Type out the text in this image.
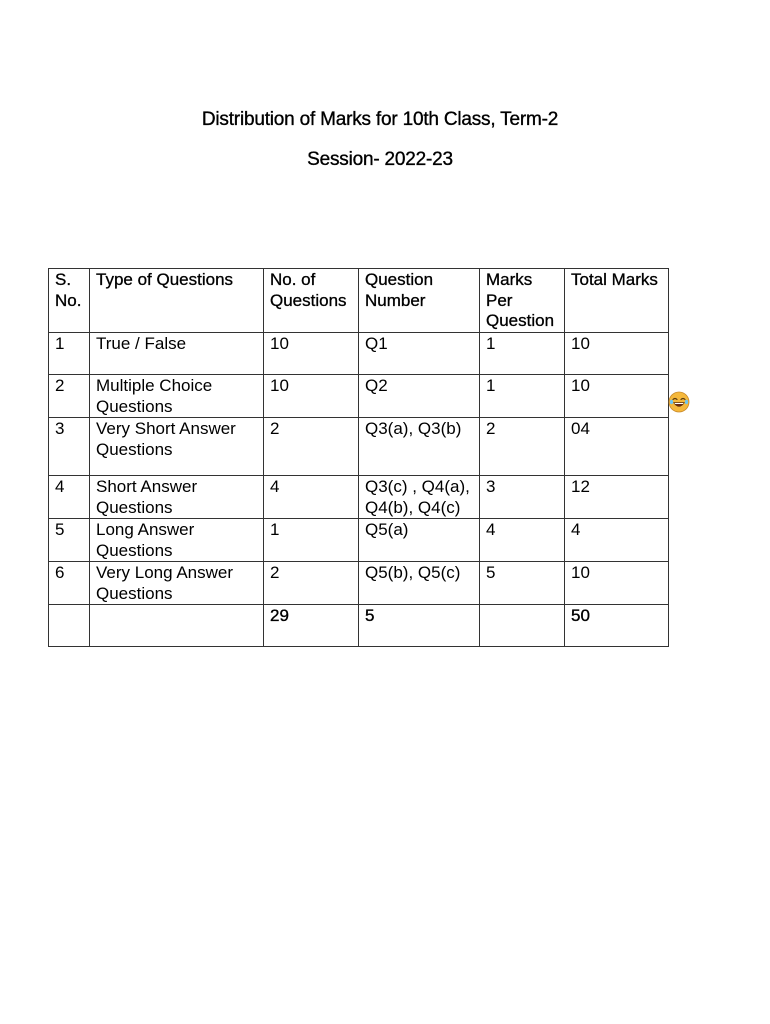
Distribution of Marks for 10th Class, Term-2
Session- 2022-23
S. No.	Type of Questions	No. of Questions	Question Number	Marks Per Question	Total Marks
1	True / False	10	Q1	1	10
2	Multiple Choice Questions	10	Q2	1	10
3	Very Short Answer Questions	2	Q3(a), Q3(b)	2	04
4	Short Answer Questions	4	Q3(c) , Q4(a), Q4(b), Q4(c)	3	12
5	Long Answer Questions	1	Q5(a)	4	4
6	Very Long Answer Questions	2	Q5(b), Q5(c)	5	10
		29	5		50
